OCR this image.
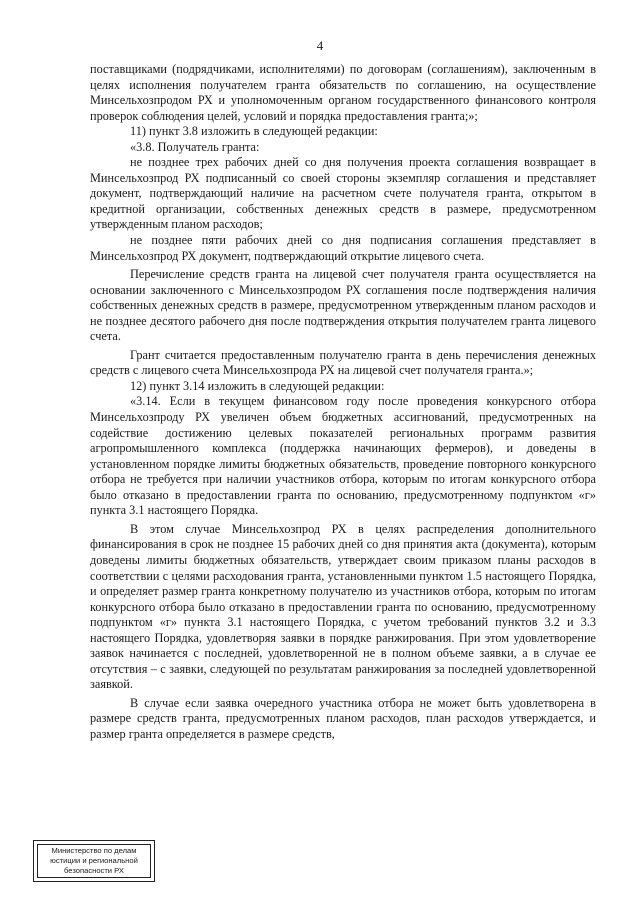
4

поставщиками (подрядчиками, исполнителями) по договорам (соглашениям), заключенным в целях исполнения получателем гранта обязательств по соглашению, на осуществление Минсельхозпродом РХ и уполномоченным органом государственного финансового контроля проверок соблюдения целей, условий и порядка предоставления гранта;»;

11) пункт 3.8 изложить в следующей редакции:

«3.8. Получатель гранта:

не позднее трех рабочих дней со дня получения проекта соглашения возвращает в Минсельхозпрод РХ подписанный со своей стороны экземпляр соглашения и представляет документ, подтверждающий наличие на расчетном счете получателя гранта, открытом в кредитной организации, собственных денежных средств в размере, предусмотренном утвержденным планом расходов;

не позднее пяти рабочих дней со дня подписания соглашения представляет в Минсельхозпрод РХ документ, подтверждающий открытие лицевого счета.

Перечисление средств гранта на лицевой счет получателя гранта осуществляется на основании заключенного с Минсельхозпродом РХ соглашения после подтверждения наличия собственных денежных средств в размере, предусмотренном утвержденным планом расходов и не позднее десятого рабочего дня после подтверждения открытия получателем гранта лицевого счета.

Грант считается предоставленным получателю гранта в день перечисления денежных средств с лицевого счета Минсельхозпрода РХ на лицевой счет получателя гранта.»;

12) пункт 3.14 изложить в следующей редакции:

«3.14. Если в текущем финансовом году после проведения конкурсного отбора Минсельхозпроду РХ увеличен объем бюджетных ассигнований, предусмотренных на содействие достижению целевых показателей региональных программ развития агропромышленного комплекса (поддержка начинающих фермеров), и доведены в установленном порядке лимиты бюджетных обязательств, проведение повторного конкурсного отбора не требуется при наличии участников отбора, которым по итогам конкурсного отбора было отказано в предоставлении гранта по основанию, предусмотренному подпунктом «г» пункта 3.1 настоящего Порядка.

В этом случае Минсельхозпрод РХ в целях распределения дополнительного финансирования в срок не позднее 15 рабочих дней со дня принятия акта (документа), которым доведены лимиты бюджетных обязательств, утверждает своим приказом планы расходов в соответствии с целями расходования гранта, установленными пунктом 1.5 настоящего Порядка, и определяет размер гранта конкретному получателю из участников отбора, которым по итогам конкурсного отбора было отказано в предоставлении гранта по основанию, предусмотренному подпунктом «г» пункта 3.1 настоящего Порядка, с учетом требований пунктов 3.2 и 3.3 настоящего Порядка, удовлетворяя заявки в порядке ранжирования. При этом удовлетворение заявок начинается с последней, удовлетворенной не в полном объеме заявки, а в случае ее отсутствия – с заявки, следующей по результатам ранжирования за последней удовлетворенной заявкой.

В случае если заявка очередного участника отбора не может быть удовлетворена в размере средств гранта, предусмотренных планом расходов, план расходов утверждается, и размер гранта определяется в размере средств,

Министерство по делам
юстиции и региональной
безопасности РХ
